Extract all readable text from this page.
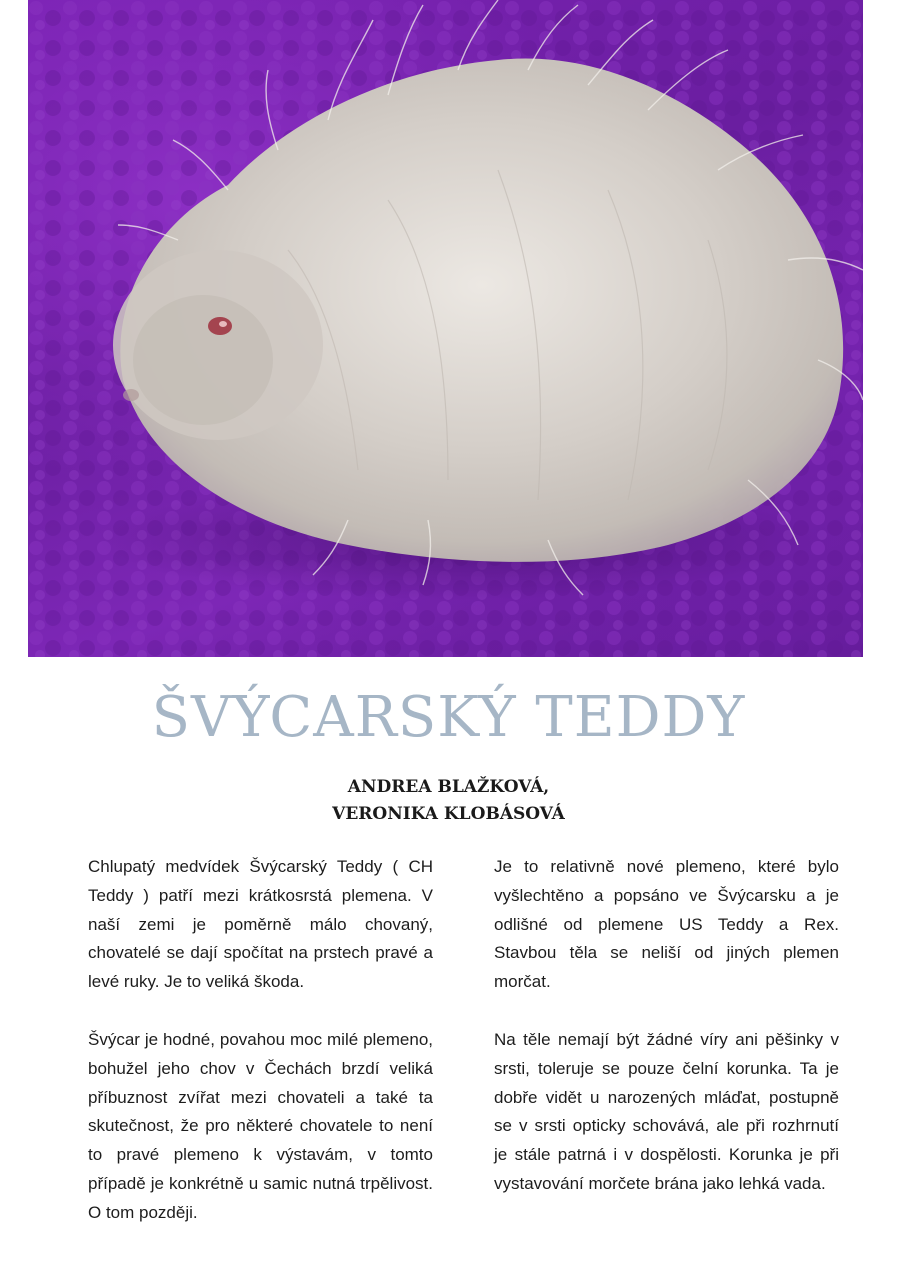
ŠVÝCARSKÝ TEDDY
ANDREA BLAŽKOVÁ,
VERONIKA KLOBÁSOVÁ

Chlupatý medvídek Švýcarský Teddy ( CH Teddy ) patří mezi krátkosrstá plemena. V naší zemi je poměrně málo chovaný, chovatelé se dají spočítat na prstech pravé a levé ruky. Je to veliká škoda.

Švýcar je hodné, povahou moc milé plemeno, bohužel jeho chov v Čechách brzdí veliká příbuznost zvířat mezi chovateli a také ta skutečnost, že pro některé chovatele to není to pravé plemeno k výstavám, v tomto případě je konkrétně u samic nutná trpělivost. O tom později.

Je to relativně nové plemeno, které bylo vyšlechtěno a popsáno ve Švýcarsku a je odlišné od plemene US Teddy a Rex. Stavbou těla se neliší od jiných plemen morčat.

Na těle nemají být žádné víry ani pěšinky v srsti, toleruje se pouze čelní korunka. Ta je dobře vidět u narozených mláďat, postupně se v srsti opticky schovává, ale při rozhrnutí je stále patrná i v dospělosti. Korunka je při vystavování morčete brána jako lehká vada.
